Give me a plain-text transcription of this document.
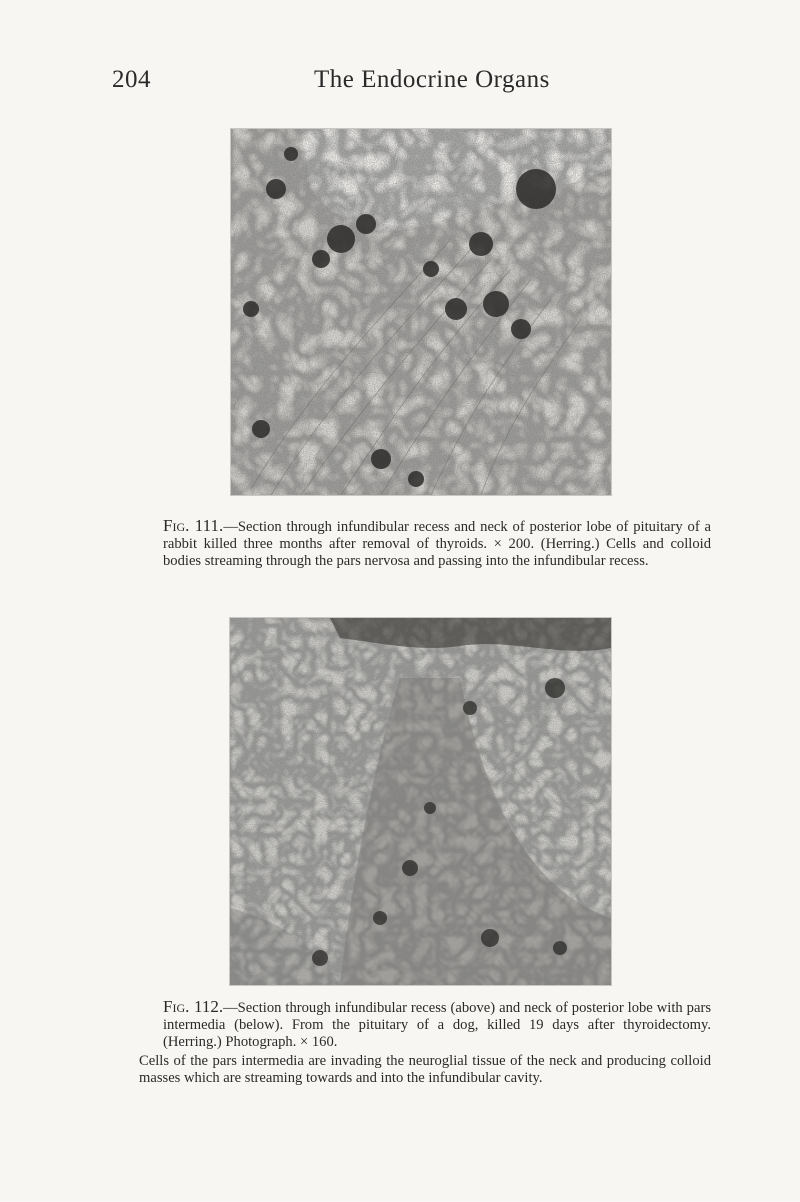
204	The Endocrine Organs
Fig. 111.—Section through infundibular recess and neck of posterior lobe of pituitary of a rabbit killed three months after removal of thyroids. × 200. (Herring.) Cells and colloid bodies streaming through the pars nervosa and passing into the infundibular recess.
Fig. 112.—Section through infundibular recess (above) and neck of posterior lobe with pars intermedia (below). From the pituitary of a dog, killed 19 days after thyroidectomy. (Herring.) Photograph. × 160.
Cells of the pars intermedia are invading the neuroglial tissue of the neck and producing colloid masses which are streaming towards and into the infundibular cavity.
